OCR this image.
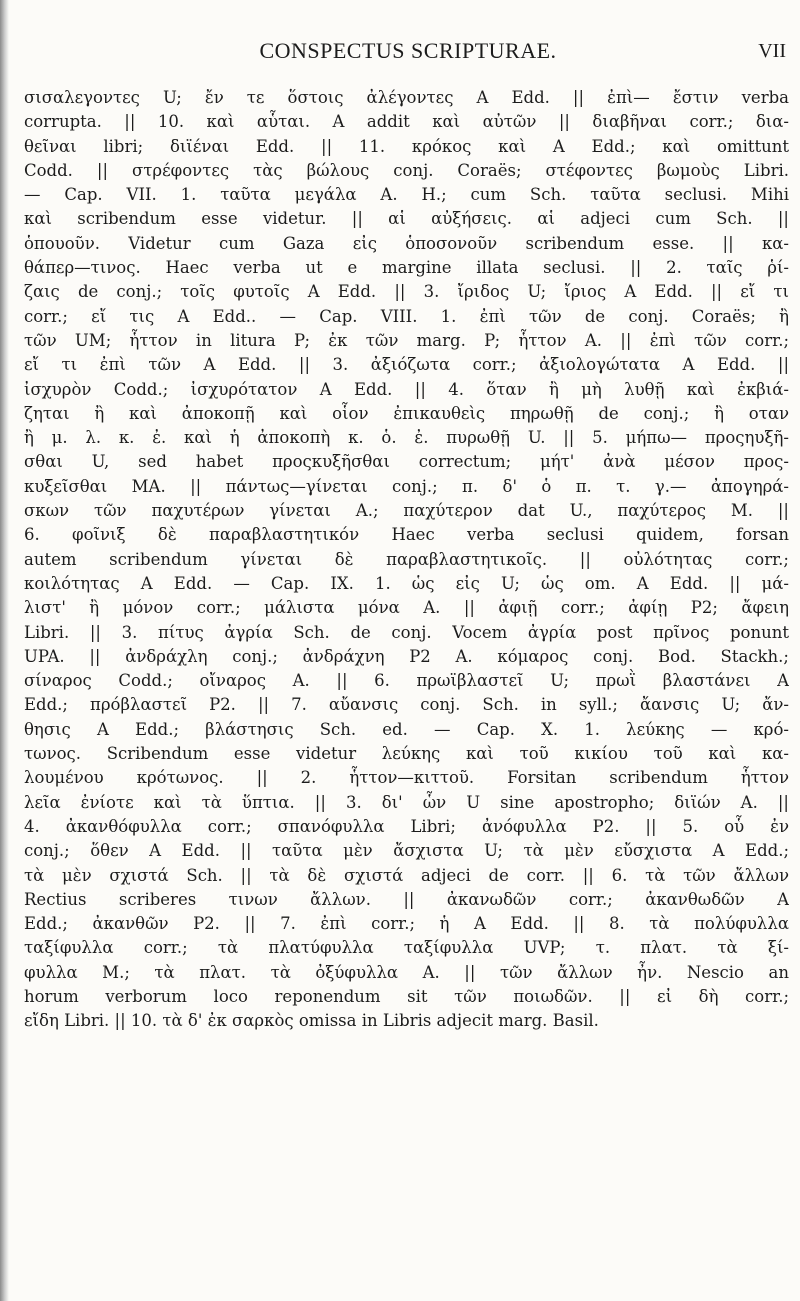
CONSPECTUS SCRIPTURAE.	VII
σισαλεγοντες U; ἔν τε ὅστοις ἀλέγοντες A Edd. || ἐπὶ— ἔστιν verba
corrupta. || 10. καὶ αὗται. A addit καὶ αὐτῶν || διαβῆναι corr.; δια-
θεῖναι libri; διϊέναι Edd. || 11. κρόκος καὶ A Edd.; καὶ omittunt
Codd. || στρέφοντες τὰς βώλους conj. Coraës; στέφοντες βωμοὺς Libri.
— Cap. VII. 1. ταῦτα μεγάλα A. H.; cum Sch. ταῦτα seclusi. Mihi
καὶ scribendum esse videtur. || αἱ αὐξήσεις. αἱ adjeci cum Sch. ||
ὁπουοῦν. Videtur cum Gaza εἰς ὁποσονοῦν scribendum esse. || κα-
θάπερ—τινος. Haec verba ut e margine illata seclusi. || 2. ταῖς ῥί-
ζαις de conj.; τοῖς φυτοῖς A Edd. || 3. ἴριδος U; ἴριος A Edd. || εἴ τι
corr.; εἴ τις A Edd.. — Cap. VIII. 1. ἐπὶ τῶν de conj. Coraës; ἢ
τῶν UM; ἧττον in litura P; ἐκ τῶν marg. P; ἧττον A. || ἐπὶ τῶν corr.;
εἴ τι ἐπὶ τῶν A Edd. || 3. ἀξιόζωτα corr.; ἀξιολογώτατα A Edd. ||
ἰσχυρὸν Codd.; ἰσχυρότατον A Edd. || 4. ὅταν ἢ μὴ λυθῇ καὶ ἐκβιά-
ζηται ἢ καὶ ἀποκοπῇ καὶ οἷον ἐπικαυθεὶς πηρωθῇ de conj.; ἢ οταν
ἢ μ. λ. κ. ἐ. καὶ ἡ ἀποκοπὴ κ. ὁ. ἐ. πυρωθῇ U. || 5. μήπω— προςηυξῆ-
σθαι U, sed habet προςκυξῆσθαι correctum; μήτ' ἀνὰ μέσον προς-
κυξεῖσθαι MA. || πάντως—γίνεται conj.; π. δ' ὁ π. τ. γ.— ἀπογηρά-
σκων τῶν παχυτέρων γίνεται A.; παχύτερον dat U., παχύτερος M. ||
6. φοῖνιξ δὲ παραβλαστητικόν Haec verba seclusi quidem, forsan
autem scribendum γίνεται δὲ παραβλαστητικοῖς. || οὐλότητας corr.;
κοιλότητας A Edd. — Cap. IX. 1. ὡς εἰς U; ὡς om. A Edd. || μά-
λιστ' ἢ μόνον corr.; μάλιστα μόνα A. || ἀφιῇ corr.; ἀφίῃ P2; ἄφειη
Libri. || 3. πίτυς ἀγρία Sch. de conj. Vocem ἀγρία post πρῖνος ponunt
UPA. || ἀνδράχλη conj.; ἀνδράχνη P2 A. κόμαρος conj. Bod. Stackh.;
σίναρος Codd.; οἴναρος A. || 6. πρωϊβλαστεῖ U; πρωῒ βλαστάνει A
Edd.; πρόβλαστεῖ P2. || 7. αὔανσις conj. Sch. in syll.; ἄανσις U; ἄν-
θησις A Edd.; βλάστησις Sch. ed. — Cap. X. 1. λεύκης — κρό-
τωνος. Scribendum esse videtur λεύκης καὶ τοῦ κικίου τοῦ καὶ κα-
λουμένου κρότωνος. || 2. ἧττον—κιττοῦ. Forsitan scribendum ἧττον
λεῖα ἐνίοτε καὶ τὰ ὕπτια. || 3. δι' ὧν U sine apostropho; διϊών A. ||
4. ἀκανθόφυλλα corr.; σπανόφυλλα Libri; ἀνόφυλλα P2. || 5. οὗ ἐν
conj.; ὅθεν A Edd. || ταῦτα μὲν ἄσχιστα U; τὰ μὲν εὔσχιστα A Edd.;
τὰ μὲν σχιστά Sch. || τὰ δὲ σχιστά adjeci de corr. || 6. τὰ τῶν ἄλλων
Rectius scriberes τινων ἄλλων. || ἀκανωδῶν corr.; ἀκανθωδῶν A
Edd.; ἀκανθῶν P2. || 7. ἐπὶ corr.; ἡ A Edd. || 8. τὰ πολύφυλλα
ταξίφυλλα corr.; τὰ πλατύφυλλα ταξίφυλλα UVP; τ. πλατ. τὰ ξί-
φυλλα M.; τὰ πλατ. τὰ ὀξύφυλλα A. || τῶν ἄλλων ἦν. Nescio an
horum verborum loco reponendum sit τῶν ποιωδῶν. || εἰ δὴ corr.;
εἴδη Libri. || 10. τὰ δ' ἐκ σαρκὸς omissa in Libris adjecit marg. Basil.
